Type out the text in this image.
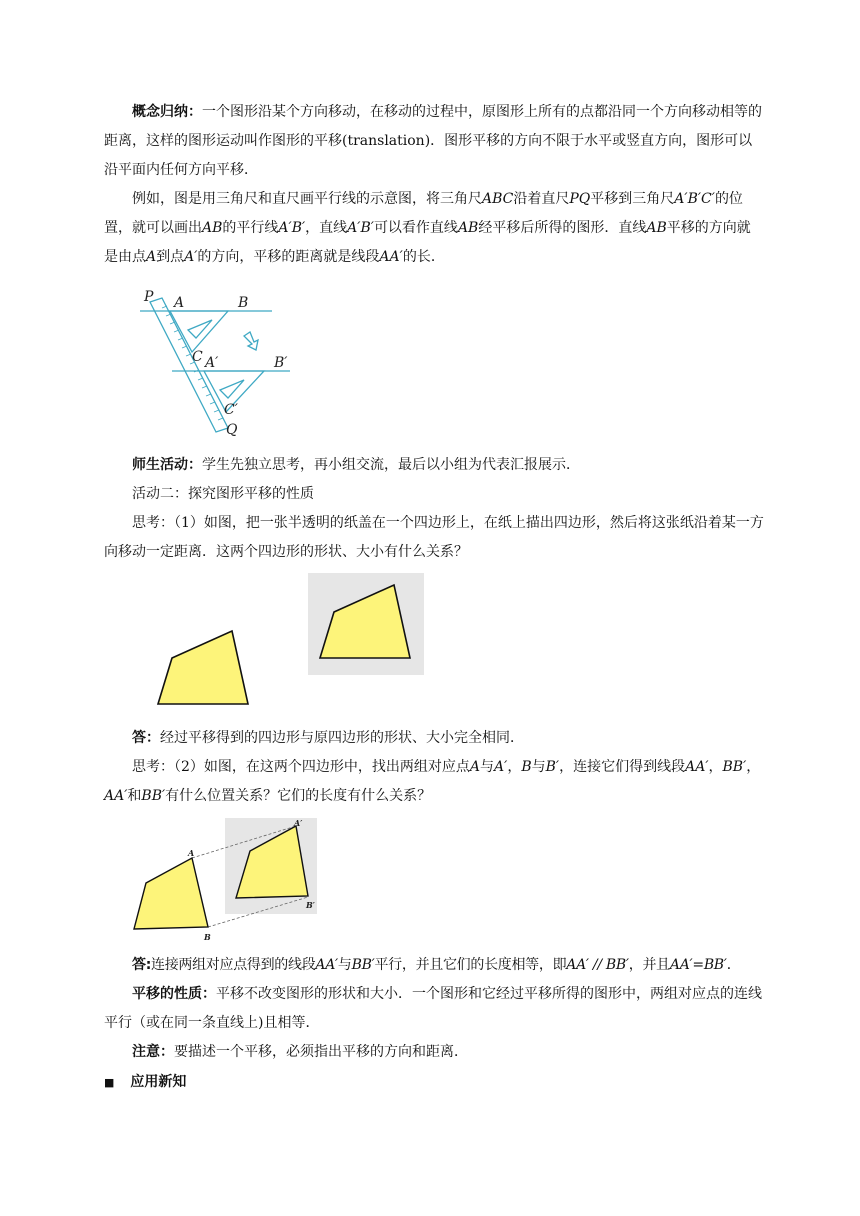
概念归纳：一个图形沿某个方向移动，在移动的过程中，原图形上所有的点都沿同一个方向移动相等的距离，这样的图形运动叫作图形的平移(translation)．图形平移的方向不限于水平或竖直方向，图形可以沿平面内任何方向平移．

例如，图是用三角尺和直尺画平行线的示意图，将三角尺ABC沿着直尺PQ平移到三角尺A′B′C′的位置，就可以画出AB的平行线A′B′，直线A′B′可以看作直线AB经平移后所得的图形．直线AB平移的方向就是由点A到点A′的方向，平移的距离就是线段AA′的长．

P A	B
C A′	B′
C′
Q

师生活动：学生先独立思考，再小组交流，最后以小组为代表汇报展示．

活动二：探究图形平移的性质

思考：（1）如图，把一张半透明的纸盖在一个四边形上，在纸上描出四边形，然后将这张纸沿着某一方向移动一定距离．这两个四边形的形状、大小有什么关系？

答：经过平移得到的四边形与原四边形的形状、大小完全相同．

思考：（2）如图，在这两个四边形中，找出两组对应点A与A′，B与B′，连接它们得到线段AA′，BB′，AA′和BB′有什么位置关系？它们的长度有什么关系？

A
B
A′
B′

答:连接两组对应点得到的线段AA′与BB′平行，并且它们的长度相等，即AA′ // BB′，并且AA′=BB′．

平移的性质：平移不改变图形的形状和大小．一个图形和它经过平移所得的图形中，两组对应点的连线平行（或在同一条直线上)且相等．

注意：要描述一个平移，必须指出平移的方向和距离．

■ 应用新知
